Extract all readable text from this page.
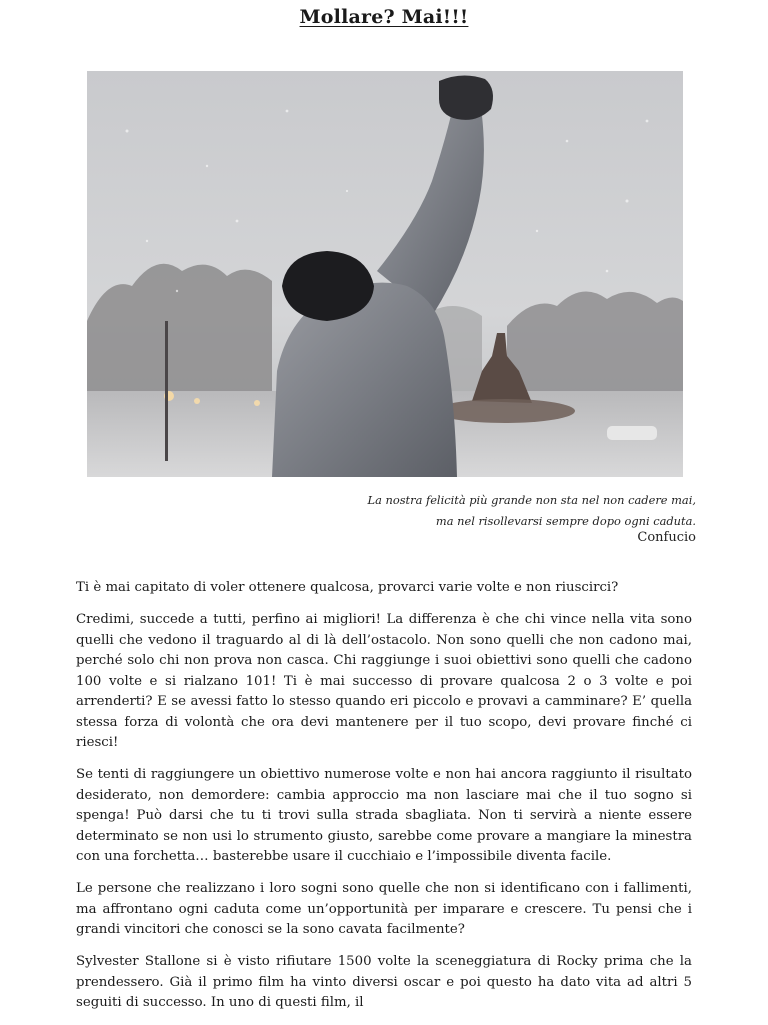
Mollare? Mai!!!
La nostra felicità più grande non sta nel non cadere mai,
ma nel risollevarsi sempre dopo ogni caduta.
Confucio

Ti è mai capitato di voler ottenere qualcosa, provarci varie volte e non riuscirci?

Credimi, succede a tutti, perfino ai migliori! La differenza è che chi vince nella vita sono quelli che vedono il traguardo al di là dell’ostacolo. Non sono quelli che non cadono mai, perché solo chi non prova non casca. Chi raggiunge i suoi obiettivi sono quelli che cadono 100 volte e si rialzano 101! Ti è mai successo di provare qualcosa 2 o 3 volte e poi arrenderti? E se avessi fatto lo stesso quando eri piccolo e provavi a camminare? E’ quella stessa forza di volontà che ora devi mantenere per il tuo scopo, devi provare finché ci riesci!

Se tenti di raggiungere un obiettivo numerose volte e non hai ancora raggiunto il risultato desiderato, non demordere: cambia approccio ma non lasciare mai che il tuo sogno si spenga! Può darsi che tu ti trovi sulla strada sbagliata. Non ti servirà a niente essere determinato se non usi lo strumento giusto, sarebbe come provare a mangiare la minestra con una forchetta… basterebbe usare il cucchiaio e l’impossibile diventa facile.

Le persone che realizzano i loro sogni sono quelle che non si identificano con i fallimenti, ma affrontano ogni caduta come un’opportunità per imparare e crescere. Tu pensi che i grandi vincitori che conosci se la sono cavata facilmente?

Sylvester Stallone si è visto rifiutare 1500 volte la sceneggiatura di Rocky prima che la prendessero. Già il primo film ha vinto diversi oscar e poi questo ha dato vita ad altri 5 seguiti di successo. In uno di questi film, il
